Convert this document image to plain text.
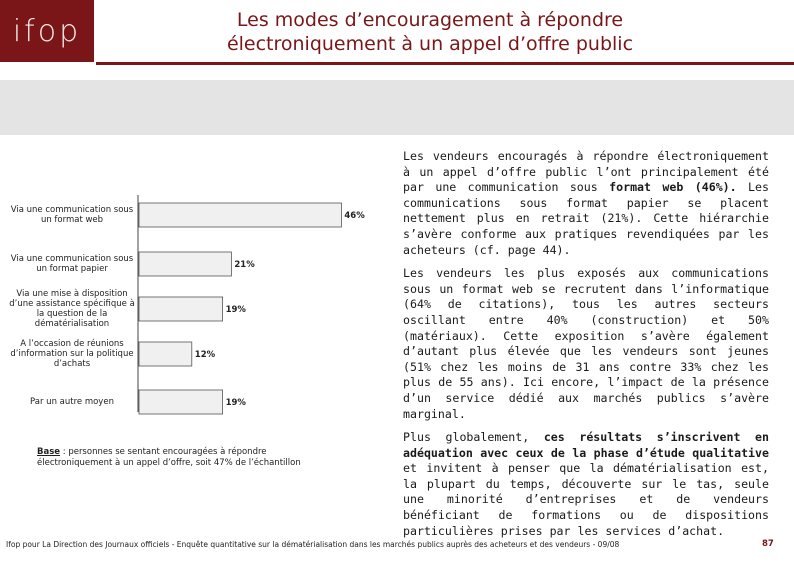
ifop	Les modes d’encouragement à répondre
électroniquement à un appel d’offre public
46%
21%
19%
12%
19%
Via une communication sous un format web
Via une communication sous un format papier
Via une mise à disposition d’une assistance spécifique à la question de la dématérialisation
A l’occasion de réunions d’information sur la politique d’achats
Par un autre moyen
Base : personnes se sentant encouragées à répondre électroniquement à un appel d’offre, soit 47% de l’échantillon

Les vendeurs encouragés à répondre électroniquement à un appel d’offre public l’ont principalement été par une communication sous format web (46%). Les communications sous format papier se placent nettement plus en retrait (21%). Cette hiérarchie s’avère conforme aux pratiques revendiquées par les acheteurs (cf. page 44).

Les vendeurs les plus exposés aux communications sous un format web se recrutent dans l’informatique (64% de citations), tous les autres secteurs oscillant entre 40% (construction) et 50% (matériaux). Cette exposition s’avère également d’autant plus élevée que les vendeurs sont jeunes (51% chez les moins de 31 ans contre 33% chez les plus de 55 ans). Ici encore, l’impact de la présence d’un service dédié aux marchés publics s’avère marginal.

Plus globalement, ces résultats s’inscrivent en adéquation avec ceux de la phase d’étude qualitative et invitent à penser que la dématérialisation est, la plupart du temps, découverte sur le tas, seule une minorité d’entreprises et de vendeurs bénéficiant de formations ou de dispositions particulières prises par les services d’achat.

Ifop pour La Direction des Journaux officiels - Enquête quantitative sur la dématérialisation dans les marchés publics auprès des acheteurs et des vendeurs - 09/08	87
